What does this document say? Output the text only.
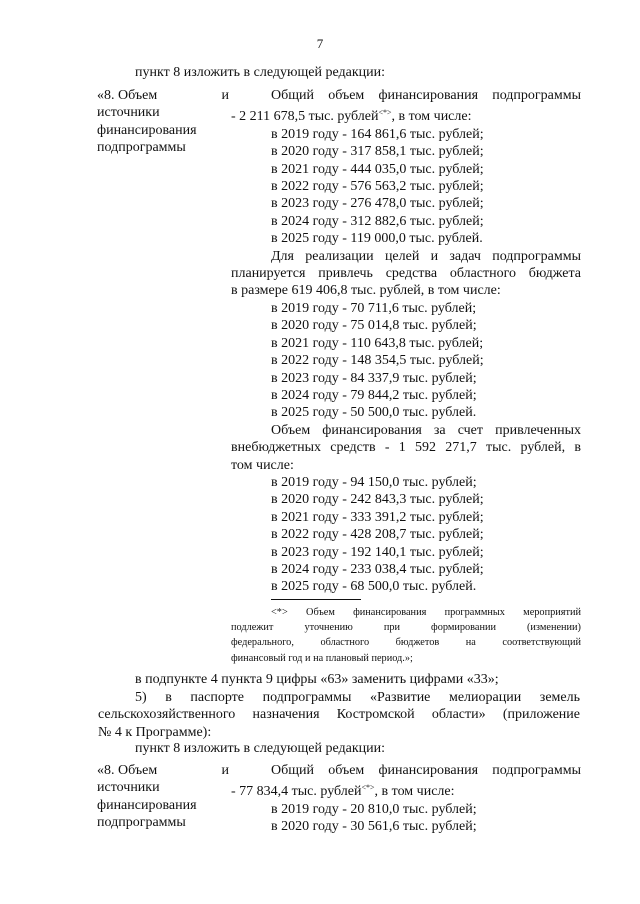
7
пункт 8 изложить в следующей редакции:
«8. Объем	и
источники
финансирования
подпрограммы
Общий объем финансирования подпрограммы
- 2 211 678,5 тыс. рублей<*>, в том числе:
в 2019 году - 164 861,6 тыс. рублей;
в 2020 году - 317 858,1 тыс. рублей;
в 2021 году - 444 035,0 тыс. рублей;
в 2022 году - 576 563,2 тыс. рублей;
в 2023 году - 276 478,0 тыс. рублей;
в 2024 году - 312 882,6 тыс. рублей;
в 2025 году - 119 000,0 тыс. рублей.
Для реализации целей и задач подпрограммы
планируется привлечь средства областного бюджета
в размере 619 406,8 тыс. рублей, в том числе:
в 2019 году - 70 711,6 тыс. рублей;
в 2020 году - 75 014,8 тыс. рублей;
в 2021 году - 110 643,8 тыс. рублей;
в 2022 году - 148 354,5 тыс. рублей;
в 2023 году - 84 337,9 тыс. рублей;
в 2024 году - 79 844,2 тыс. рублей;
в 2025 году - 50 500,0 тыс. рублей.
Объем финансирования за счет привлеченных
внебюджетных средств - 1 592 271,7 тыс. рублей, в
том числе:
в 2019 году - 94 150,0 тыс. рублей;
в 2020 году - 242 843,3 тыс. рублей;
в 2021 году - 333 391,2 тыс. рублей;
в 2022 году - 428 208,7 тыс. рублей;
в 2023 году - 192 140,1 тыс. рублей;
в 2024 году - 233 038,4 тыс. рублей;
в 2025 году - 68 500,0 тыс. рублей.
<*> Объем финансирования программных мероприятий
подлежит уточнению при формировании (изменении)
федерального, областного бюджетов на соответствующий
финансовый год и на плановый период.»;
в подпункте 4 пункта 9 цифры «63» заменить цифрами «33»;
5) в паспорте подпрограммы «Развитие мелиорации земель
сельскохозяйственного назначения Костромской области» (приложение
№ 4 к Программе):
пункт 8 изложить в следующей редакции:
«8. Объем	и
источники
финансирования
подпрограммы
Общий объем финансирования подпрограммы
- 77 834,4 тыс. рублей<*>, в том числе:
в 2019 году - 20 810,0 тыс. рублей;
в 2020 году - 30 561,6 тыс. рублей;
